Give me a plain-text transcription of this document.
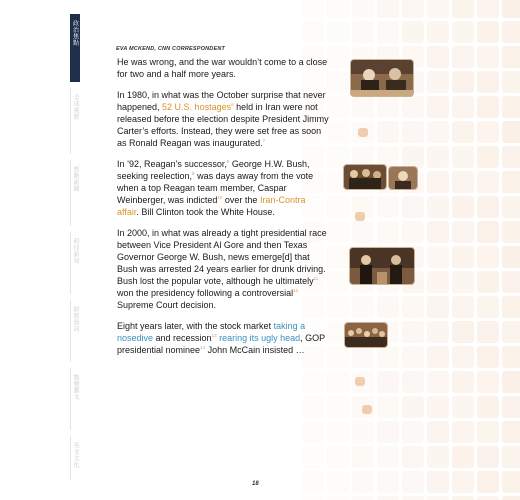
政治焦點
全球視野
焦點新聞
科技新知
財經資訊
娛樂藝文
英文文化
EVA MCKEND, CNN CORRESPONDENT

He was wrong, and the war wouldn’t come to a close for two and a half more years.

In 1980, in what was the October surprise that never happened, 52 U.S. hostages$^6$ held in Iran were not released before the election despite President Jimmy Carter’s efforts. Instead, they were set free as soon as Ronald Reagan was inaugurated.$^7$

In ’92, Reagan’s successor,$^8$ George H.W. Bush, seeking reelection,$^9$ was days away from the vote when a top Reagan team member, Caspar Weinberger, was indicted$^{10}$ over the Iran-Contra affair. Bill Clinton took the White House.

In 2000, in what was already a tight presidential race between Vice President Al Gore and then Texas Governor George W. Bush, news emerge[d] that Bush was arrested 24 years earlier for drunk driving. Bush lost the popular vote, although he ultimately$^{11}$ won the presidency following a controversial$^{12}$ Supreme Court decision.

Eight years later, with the stock market taking a nosedive and recession$^{13}$ rearing its ugly head, GOP presidential nominee$^{14}$ John McCain insisted …

18
